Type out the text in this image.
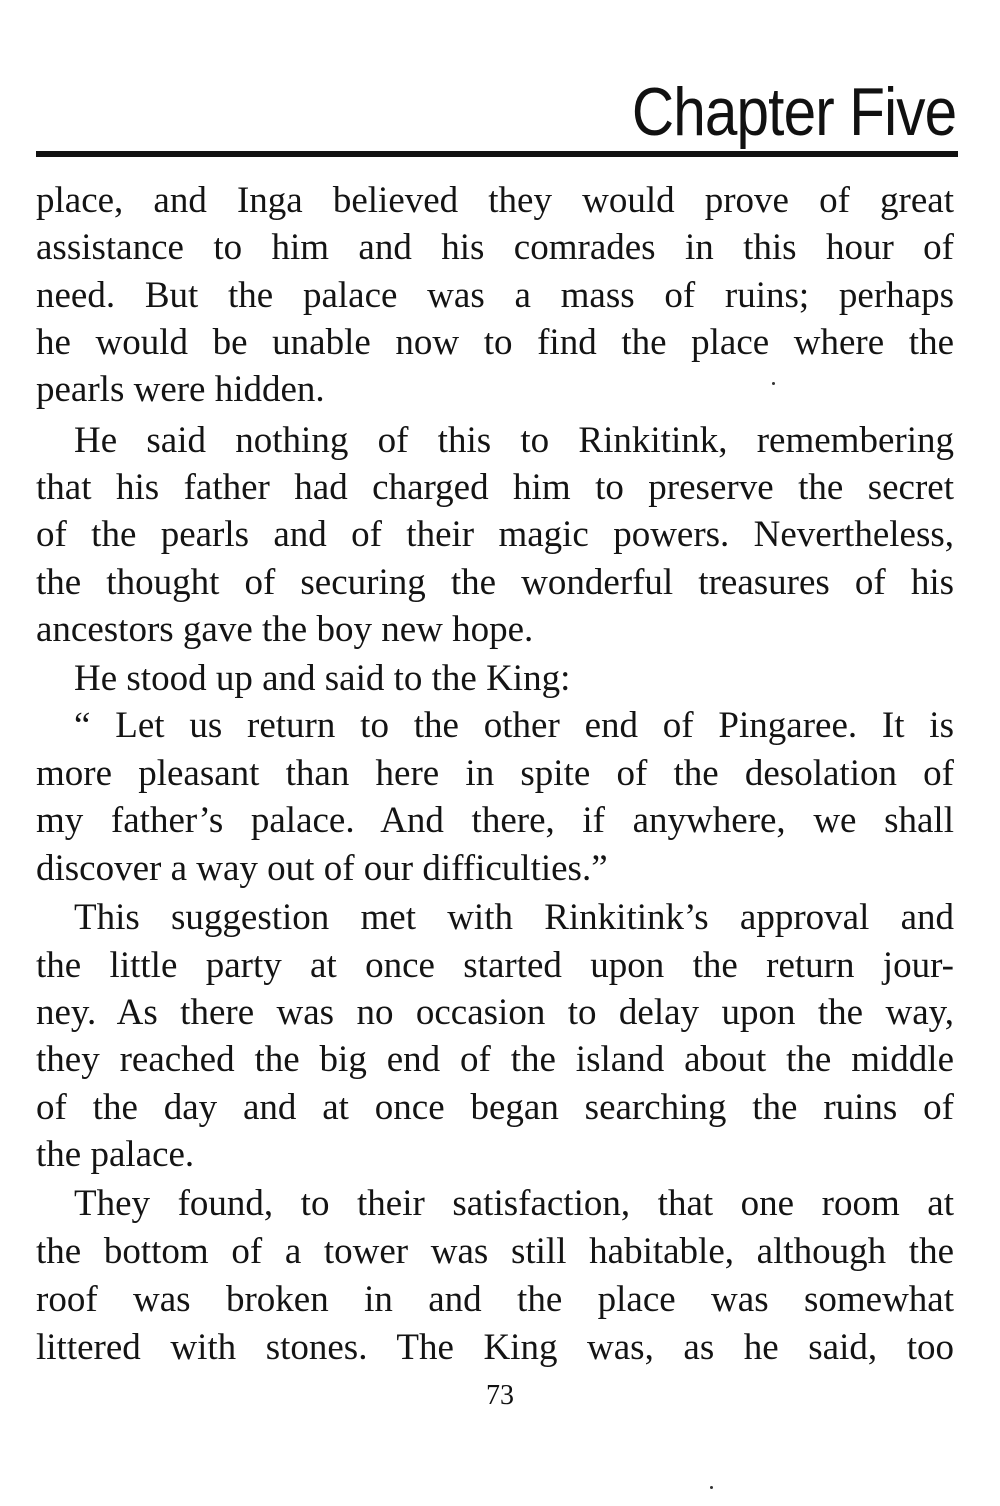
Chapter Five
place, and Inga believed they would prove of great
assistance to him and his comrades in this hour of
need. But the palace was a mass of ruins; perhaps
he would be unable now to find the place where the
pearls were hidden.
He said nothing of this to Rinkitink, remembering
that his father had charged him to preserve the secret
of the pearls and of their magic powers. Nevertheless,
the thought of securing the wonderful treasures of his
ancestors gave the boy new hope.
He stood up and said to the King:
“ Let us return to the other end of Pingaree. It is
more pleasant than here in spite of the desolation of
my father’s palace. And there, if anywhere, we shall
discover a way out of our difficulties.”
This suggestion met with Rinkitink’s approval and
the little party at once started upon the return jour-
ney. As there was no occasion to delay upon the way,
they reached the big end of the island about the middle
of the day and at once began searching the ruins of
the palace.
They found, to their satisfaction, that one room at
the bottom of a tower was still habitable, although the
roof was broken in and the place was somewhat
littered with stones. The King was, as he said, too
73
